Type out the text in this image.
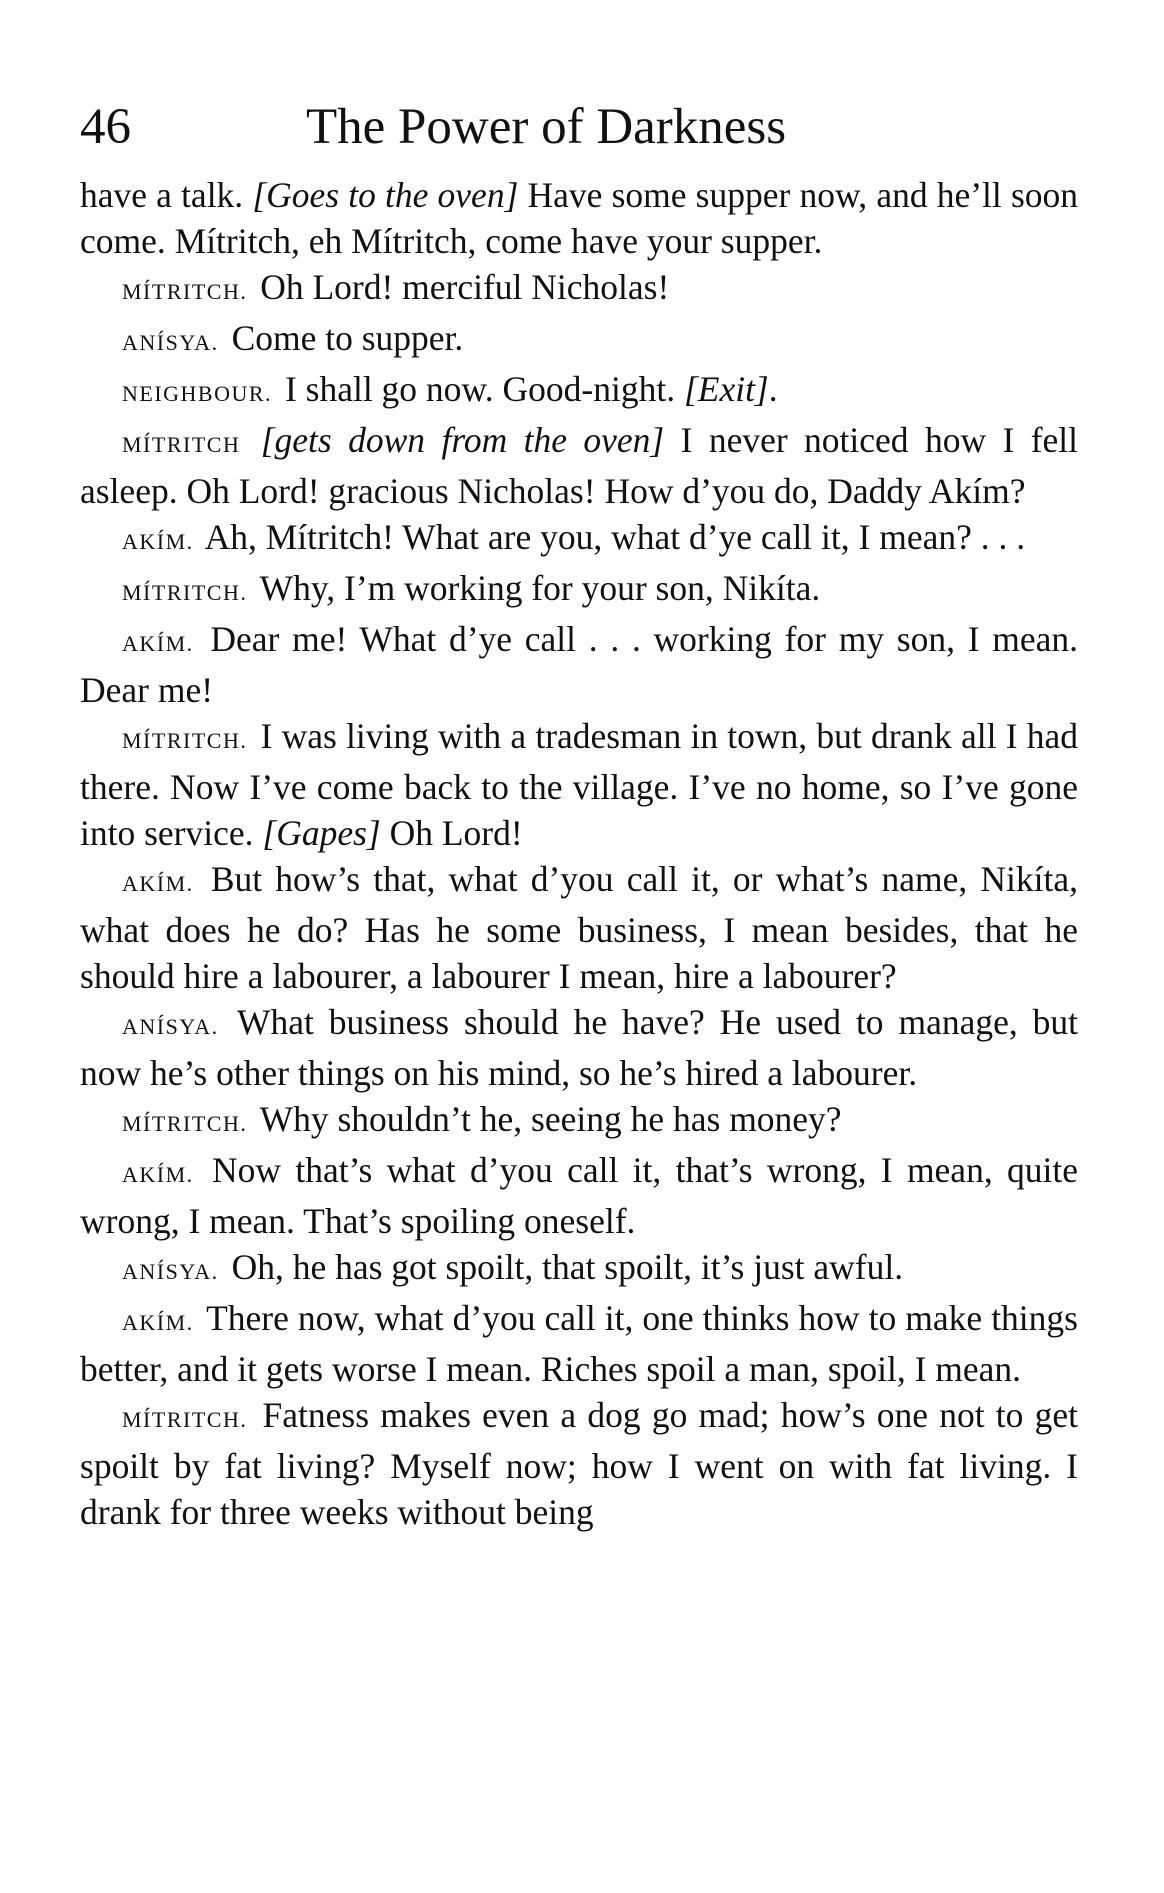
46	The Power of Darkness

have a talk. [Goes to the oven] Have some supper now, and he’ll soon come. Mítritch, eh Mítritch, come have your supper.

MÍTRITCH. Oh Lord! merciful Nicholas!

ANÍSYA. Come to supper.

NEIGHBOUR. I shall go now. Good-night. [Exit].

MÍTRITCH [gets down from the oven] I never noticed how I fell asleep. Oh Lord! gracious Nicholas! How d’you do, Daddy Akím?

AKÍM. Ah, Mítritch! What are you, what d’ye call it, I mean? . . .

MÍTRITCH. Why, I’m working for your son, Nikíta.

AKÍM. Dear me! What d’ye call . . . working for my son, I mean. Dear me!

MÍTRITCH. I was living with a tradesman in town, but drank all I had there. Now I’ve come back to the village. I’ve no home, so I’ve gone into service. [Gapes] Oh Lord!

AKÍM. But how’s that, what d’you call it, or what’s name, Nikíta, what does he do? Has he some business, I mean besides, that he should hire a labourer, a labourer I mean, hire a labourer?

ANÍSYA. What business should he have? He used to manage, but now he’s other things on his mind, so he’s hired a labourer.

MÍTRITCH. Why shouldn’t he, seeing he has money?

AKÍM. Now that’s what d’you call it, that’s wrong, I mean, quite wrong, I mean. That’s spoiling oneself.

ANÍSYA. Oh, he has got spoilt, that spoilt, it’s just awful.

AKÍM. There now, what d’you call it, one thinks how to make things better, and it gets worse I mean. Riches spoil a man, spoil, I mean.

MÍTRITCH. Fatness makes even a dog go mad; how’s one not to get spoilt by fat living? Myself now; how I went on with fat living. I drank for three weeks without being
